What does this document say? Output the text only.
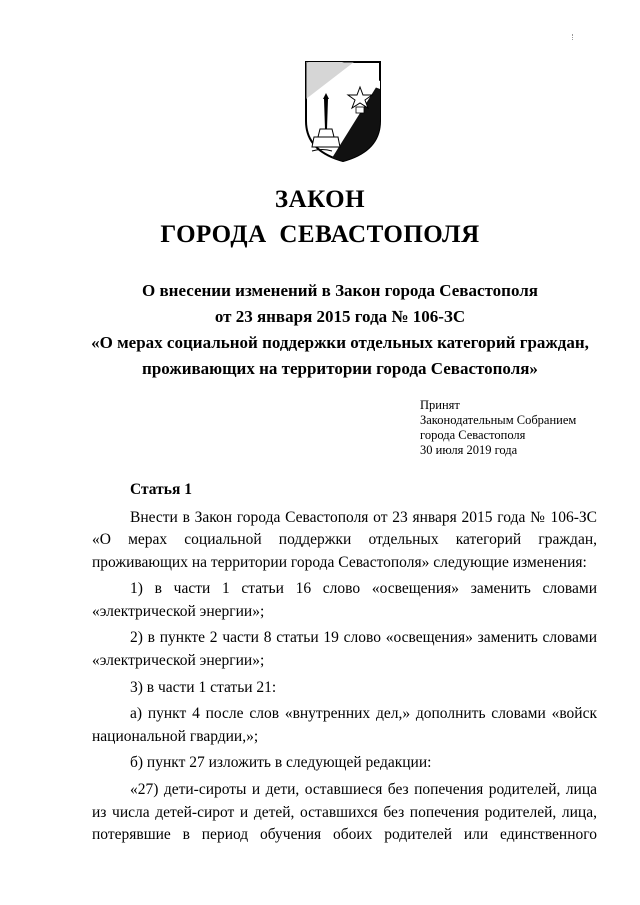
ЗАКОН
ГОРОДА СЕВАСТОПОЛЯ
О внесении изменений в Закон города Севастополя
от 23 января 2015 года № 106-ЗС
«О мерах социальной поддержки отдельных категорий граждан,
проживающих на территории города Севастополя»
Принят
Законодательным Собранием
города Севастополя
30 июля 2019 года
Статья 1

Внести в Закон города Севастополя от 23 января 2015 года № 106-ЗС «О мерах социальной поддержки отдельных категорий граждан, проживающих на территории города Севастополя» следующие изменения:

1) в части 1 статьи 16 слово «освещения» заменить словами «электрической энергии»;

2) в пункте 2 части 8 статьи 19 слово «освещения» заменить словами «электрической энергии»;

3) в части 1 статьи 21:

а) пункт 4 после слов «внутренних дел,» дополнить словами «войск национальной гвардии,»;

б) пункт 27 изложить в следующей редакции:

«27) дети-сироты и дети, оставшиеся без попечения родителей, лица из числа детей-сирот и детей, оставшихся без попечения родителей, лица, потерявшие в период обучения обоих родителей или единственного
